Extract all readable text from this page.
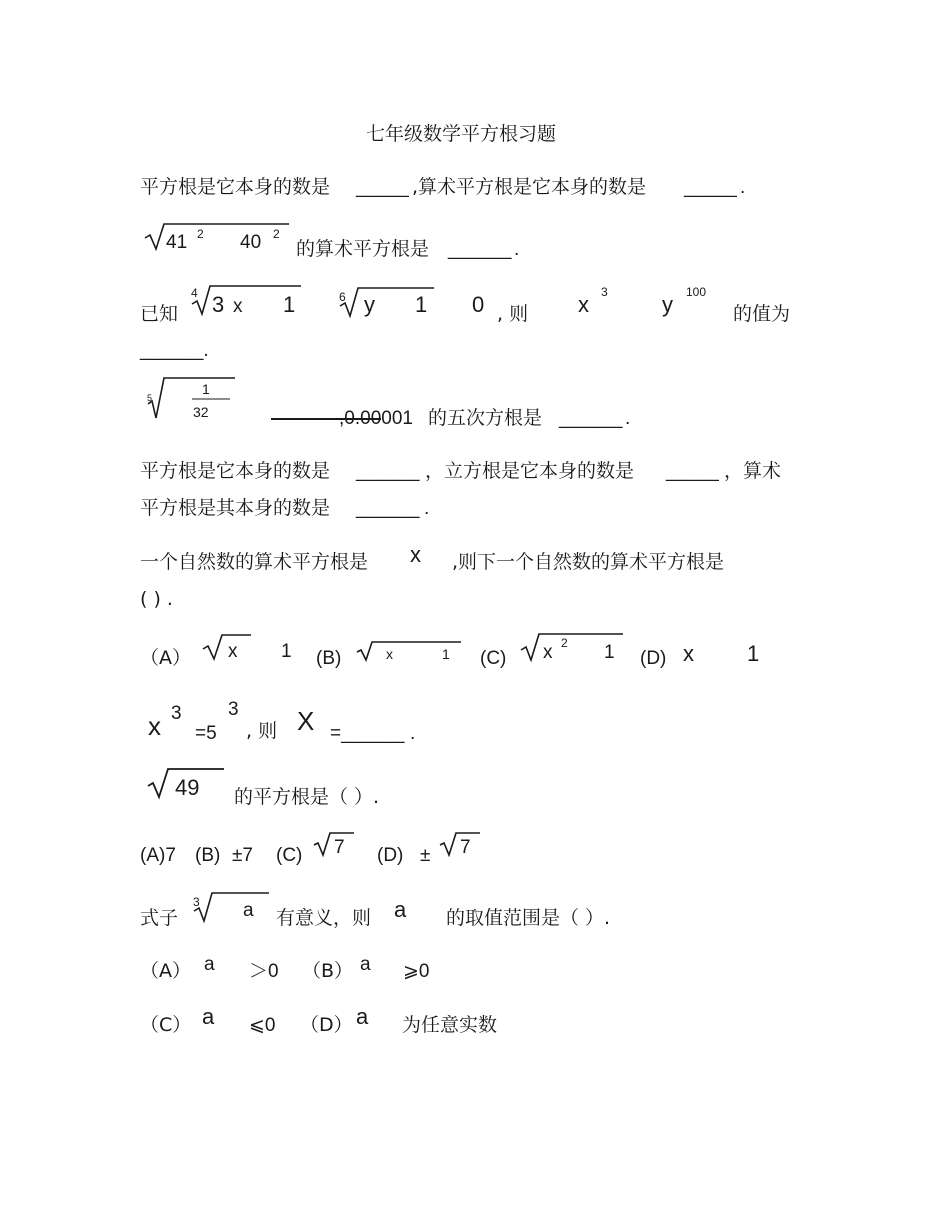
七年级数学平方根习题
平方根是它本身的数是 _____ ,算术平方根是它本身的数是 _____ .
41 2 40 2
的算术平方根是 ______ .
已知
4 3 x 1	6 y 1 0 , 则 x 3 y 100
的值为
______.
5
1
32	,0.00001 的五次方根是 ______ .
平方根是它本身的数是 ______ ，立方根是它本身的数是 _____ ，算术
平方根是其本身的数是 ______ .
一个自然数的算术平方根是 x ,则下一个自然数的算术平方根是
( ) .
（A） x 1 (B)	x	1 (C) x 2 1 (D) x 1
x 3
=5
3
, 则 X =______ .
49 的平方根是（ ）.
(A)7 (B) ±7 (C) 7 (D) ± 7
式子
3 a 有意义，则 a 的取值范围是（ ）.
（A） a ＞0 （B） a ⩾0
（C） a ⩽0 （D） a 为任意实数
